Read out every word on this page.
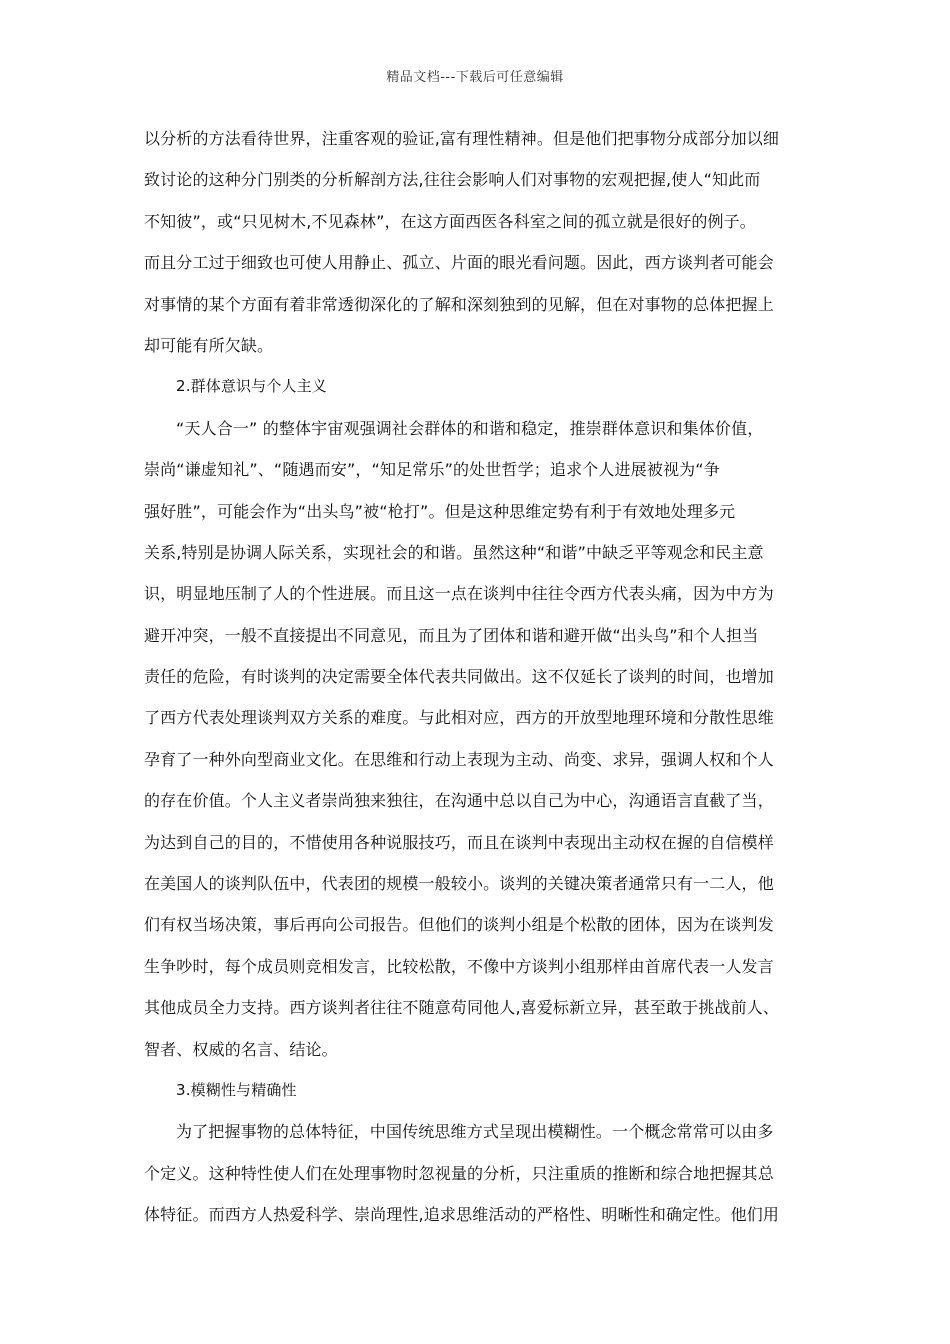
精品文档---下载后可任意编辑
以分析的方法看待世界，注重客观的验证,富有理性精神。但是他们把事物分成部分加以细
致讨论的这种分门别类的分析解剖方法,往往会影响人们对事物的宏观把握,使人“知此而
不知彼”，或“只见树木,不见森林”，在这方面西医各科室之间的孤立就是很好的例子。
而且分工过于细致也可使人用静止、孤立、片面的眼光看问题。因此，西方谈判者可能会
对事情的某个方面有着非常透彻深化的了解和深刻独到的见解，但在对事物的总体把握上
却可能有所欠缺。
2.群体意识与个人主义
“天人合一” 的整体宇宙观强调社会群体的和谐和稳定，推崇群体意识和集体价值，
崇尚“谦虚知礼”、“随遇而安”，“知足常乐”的处世哲学；追求个人进展被视为“争
强好胜”，可能会作为“出头鸟”被“枪打”。但是这种思维定势有利于有效地处理多元
关系,特别是协调人际关系，实现社会的和谐。虽然这种“和谐”中缺乏平等观念和民主意
识，明显地压制了人的个性进展。而且这一点在谈判中往往令西方代表头痛，因为中方为
避开冲突，一般不直接提出不同意见，而且为了团体和谐和避开做“出头鸟”和个人担当
责任的危险，有时谈判的决定需要全体代表共同做出。这不仅延长了谈判的时间，也增加
了西方代表处理谈判双方关系的难度。与此相对应，西方的开放型地理环境和分散性思维
孕育了一种外向型商业文化。在思维和行动上表现为主动、尚变、求异，强调人权和个人
的存在价值。个人主义者崇尚独来独往，在沟通中总以自己为中心，沟通语言直截了当，
为达到自己的目的，不惜使用各种说服技巧，而且在谈判中表现出主动权在握的自信模样
在美国人的谈判队伍中，代表团的规模一般较小。谈判的关键决策者通常只有一二人，他
们有权当场决策，事后再向公司报告。但他们的谈判小组是个松散的团体，因为在谈判发
生争吵时，每个成员则竞相发言，比较松散，不像中方谈判小组那样由首席代表一人发言
其他成员全力支持。西方谈判者往往不随意苟同他人,喜爱标新立异，甚至敢于挑战前人、
智者、权威的名言、结论。
3.模糊性与精确性
为了把握事物的总体特征，中国传统思维方式呈现出模糊性。一个概念常常可以由多
个定义。这种特性使人们在处理事物时忽视量的分析，只注重质的推断和综合地把握其总
体特征。而西方人热爱科学、崇尚理性,追求思维活动的严格性、明晰性和确定性。他们用
